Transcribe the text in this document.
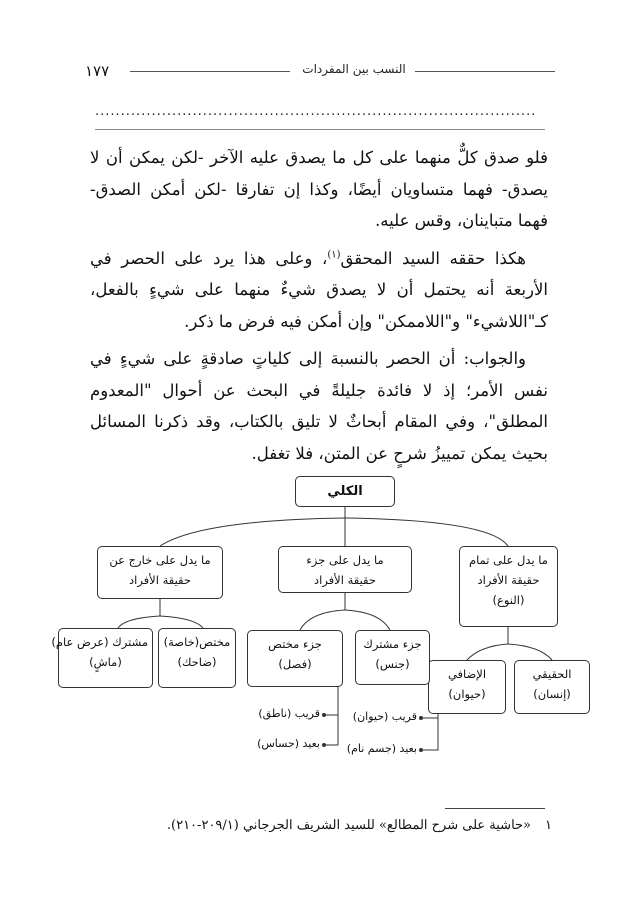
١٧٧	النسب بين المفردات
......................................................................................

فلو صدق كلٌّ منهما على كل ما يصدق عليه الآخر -لكن يمكن أن لا يصدق- فهما متساويان أيضًا، وكذا إن تفارقا -لكن أمكن الصدق- فهما متباينان، وقس عليه.

هكذا حققه السيد المحقق$^{(١)}$، وعلى هذا يرد على الحصر في الأربعة أنه يحتمل أن لا يصدق شيءٌ منهما على شيءٍ بالفعل، كـ"اللاشيء" و"اللاممكن" وإن أمكن فيه فرض ما ذكر.

والجواب: أن الحصر بالنسبة إلى كلياتٍ صادقةٍ على شيءٍ في نفس الأمر؛ إذ لا فائدة جليلةً في البحث عن أحوال "المعدوم المطلق"، وفي المقام أبحاثٌ لا تليق بالكتاب، وقد ذكرنا المسائل بحيث يمكن تمييزُ شرحٍ عن المتن، فلا تغفل.

الكلي
ما يدل على تمام
حقيقة الأفراد
(النوع)
ما يدل على جزء
حقيقة الأفراد
ما يدل على خارج عن
حقيقة الأفراد
الحقيقي
(إنسان)
الإضافي
(حيوان)
جزء مشترك
(جنس)
جزء مختص
(فصل)
مختص(خاصة)
(ضاحك)
مشترك (عرض عام)
(ماشٍ)
قريب (حيوان)
بعيد (جسم نام)
قريب (ناطق)
بعيد (حساس)
١«حاشية على شرح المطالع» للسيد الشريف الجرجاني (٢٠٩/١-٢١٠).
